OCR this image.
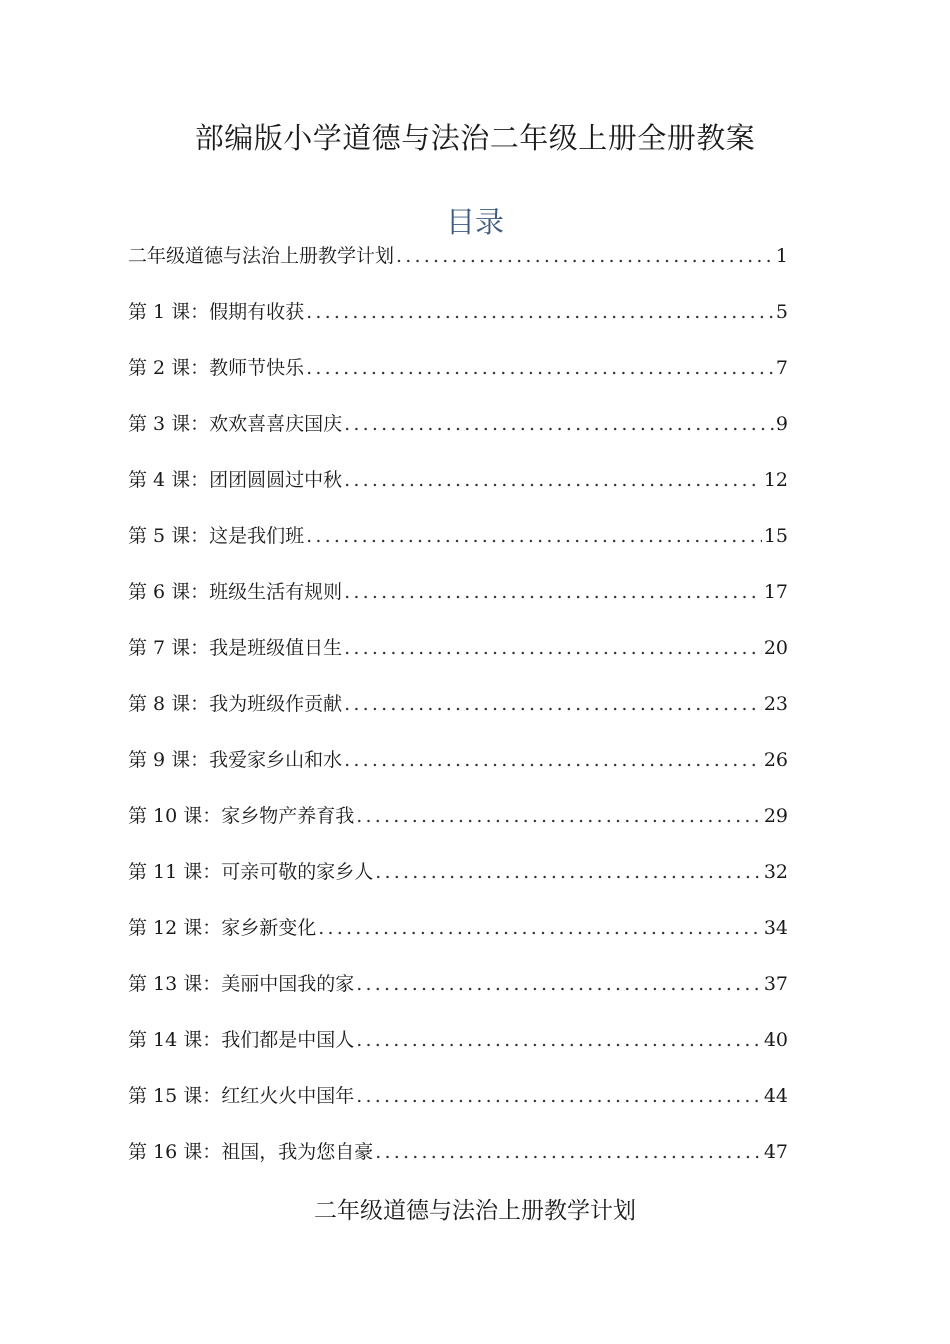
部编版小学道德与法治二年级上册全册教案
目录
二年级道德与法治上册教学计划 .....	1
第 1 课：假期有收获 .....	5
第 2 课：教师节快乐 .....	7
第 3 课：欢欢喜喜庆国庆 .....	9
第 4 课：团团圆圆过中秋 .....	12
第 5 课：这是我们班 .....	15
第 6 课：班级生活有规则 .....	17
第 7 课：我是班级值日生 .....	20
第 8 课：我为班级作贡献 .....	23
第 9 课：我爱家乡山和水 .....	26
第 10 课：家乡物产养育我 .....	29
第 11 课：可亲可敬的家乡人 .....	32
第 12 课：家乡新变化 .....	34
第 13 课：美丽中国我的家 .....	37
第 14 课：我们都是中国人 .....	40
第 15 课：红红火火中国年 .....	44
第 16 课：祖国，我为您自豪 .....	47
二年级道德与法治上册教学计划
